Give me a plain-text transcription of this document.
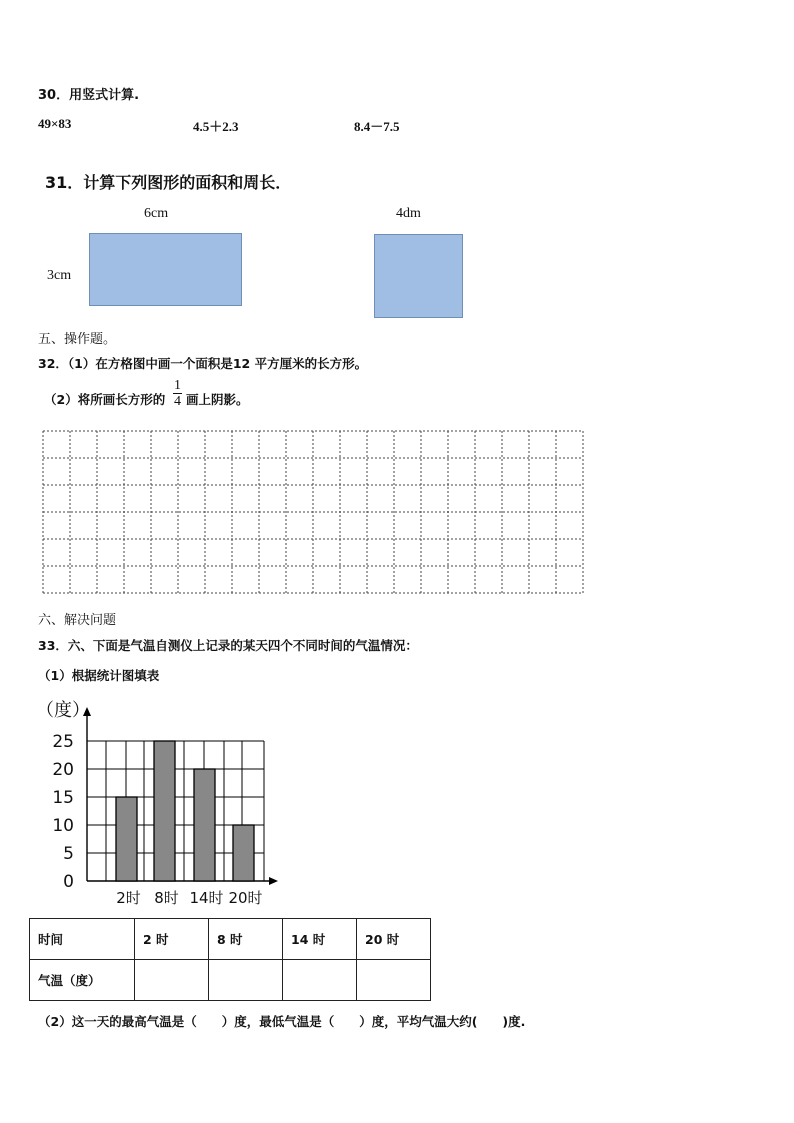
30．用竖式计算.
49×83	4.5＋2.3	8.4－7.5
31．计算下列图形的面积和周长．
6cm
3cm
4dm
五、操作题。
32．（1）在方格图中画一个面积是12 平方厘米的长方形。
（2）将所画长方形的
1
4 画上阴影。
六、解决问题
33．六、下面是气温自测仪上记录的某天四个不同时间的气温情况：
（1）根据统计图填表
（度）
0
5
10
15
20
25
2时 8时 14时 20时
时间	2 时	8 时	14 时	20 时
气温（度）				
（2）这一天的最高气温是（　　）度，最低气温是（　　）度，平均气温大约(　　)度.
